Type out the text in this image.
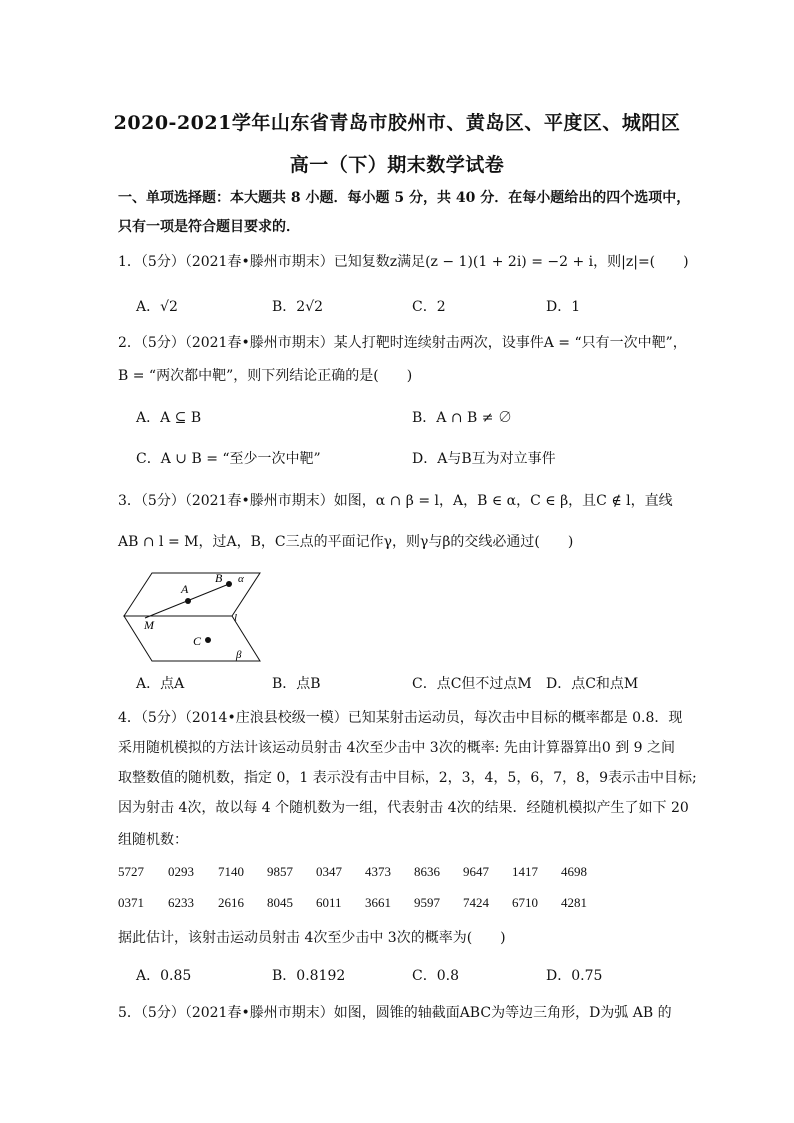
2020-2021学年山东省青岛市胶州市、黄岛区、平度区、城阳区
高一（下）期末数学试卷
一、单项选择题：本大题共 8 小题．每小题 5 分，共 40 分．在每小题给出的四个选项中，
只有一项是符合题目要求的．
1．（5分）（2021春•滕州市期末）已知复数z满足(z − 1)(1 + 2i) = −2 + i，则|z|=(　　)
A．√2	B．2√2	C．2	D．1
2．（5分）（2021春•滕州市期末）某人打靶时连续射击两次，设事件A = “只有一次中靶”，
B = “两次都中靶”，则下列结论正确的是(　　)
A．A ⊆ B	B．A ∩ B ≠ ∅
C．A ∪ B = “至少一次中靶”	D．A与B互为对立事件
3．（5分）（2021春•滕州市期末）如图，α ∩ β = l，A，B ∈ α，C ∈ β，且C ∉ l，直线
AB ∩ l = M，过A，B，C三点的平面记作γ，则γ与β的交线必通过(　　)
A
B α
M	l
C
β
A．点A	B．点B	C．点C但不过点M D．点C和点M
4．（5分）（2014•庄浪县校级一模）已知某射击运动员，每次击中目标的概率都是 0.8．现
采用随机模拟的方法计该运动员射击 4次至少击中 3次的概率: 先由计算器算出0 到 9 之间
取整数值的随机数，指定 0，1 表示没有击中目标，2，3，4，5，6，7，8，9表示击中目标;
因为射击 4次，故以每 4 个随机数为一组，代表射击 4次的结果．经随机模拟产生了如下 20
组随机数：
5727 0293 7140 9857 0347 4373 8636 9647 1417 4698
0371 6233 2616 8045 6011 3661 9597 7424 6710 4281
据此估计，该射击运动员射击 4次至少击中 3次的概率为(　　)
A．0.85	B．0.8192	C．0.8	D．0.75
5．（5分）（2021春•滕州市期末）如图，圆锥的轴截面ABC为等边三角形，D为弧 AB 的
